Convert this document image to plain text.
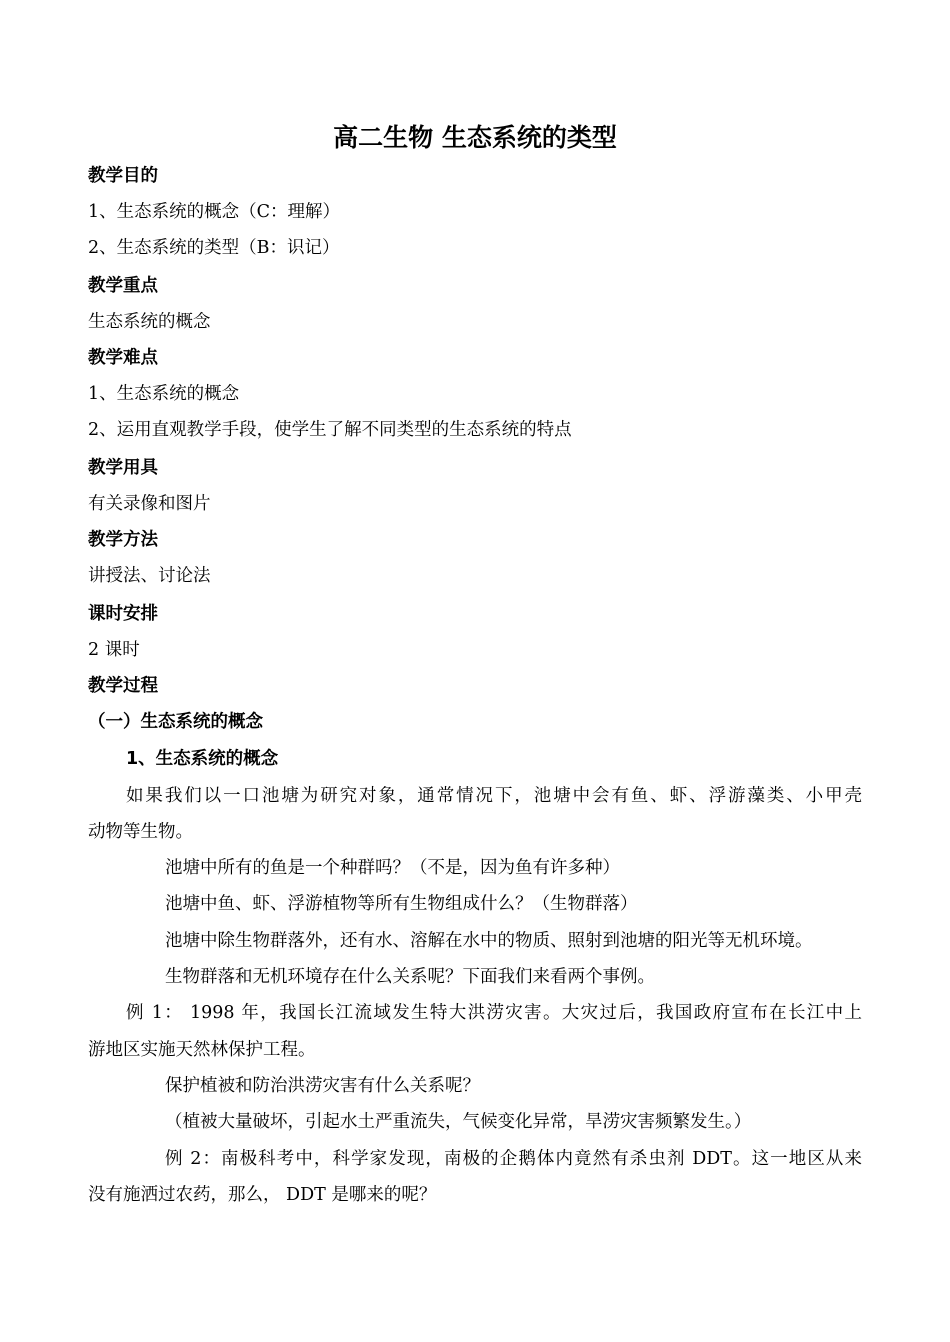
高二生物 生态系统的类型
教学目的
1、生态系统的概念（C：理解）
2、生态系统的类型（B：识记）
教学重点
生态系统的概念
教学难点
1、生态系统的概念
2、运用直观教学手段，使学生了解不同类型的生态系统的特点
教学用具
有关录像和图片
教学方法
讲授法、讨论法
课时安排
2 课时
教学过程
（一）生态系统的概念
1、生态系统的概念
如果我们以一口池塘为研究对象，通常情况下，池塘中会有鱼、虾、浮游藻类、小甲壳
动物等生物。
池塘中所有的鱼是一个种群吗？（不是，因为鱼有许多种）
池塘中鱼、虾、浮游植物等所有生物组成什么？（生物群落）
池塘中除生物群落外，还有水、溶解在水中的物质、照射到池塘的阳光等无机环境。
生物群落和无机环境存在什么关系呢？下面我们来看两个事例。
例 1： 1998 年，我国长江流域发生特大洪涝灾害。大灾过后，我国政府宣布在长江中上
游地区实施天然林保护工程。
保护植被和防治洪涝灾害有什么关系呢？
（植被大量破坏，引起水土严重流失，气候变化异常，旱涝灾害频繁发生。）
例 2：南极科考中，科学家发现，南极的企鹅体内竟然有杀虫剂 DDT。这一地区从来
没有施洒过农药，那么， DDT 是哪来的呢？
